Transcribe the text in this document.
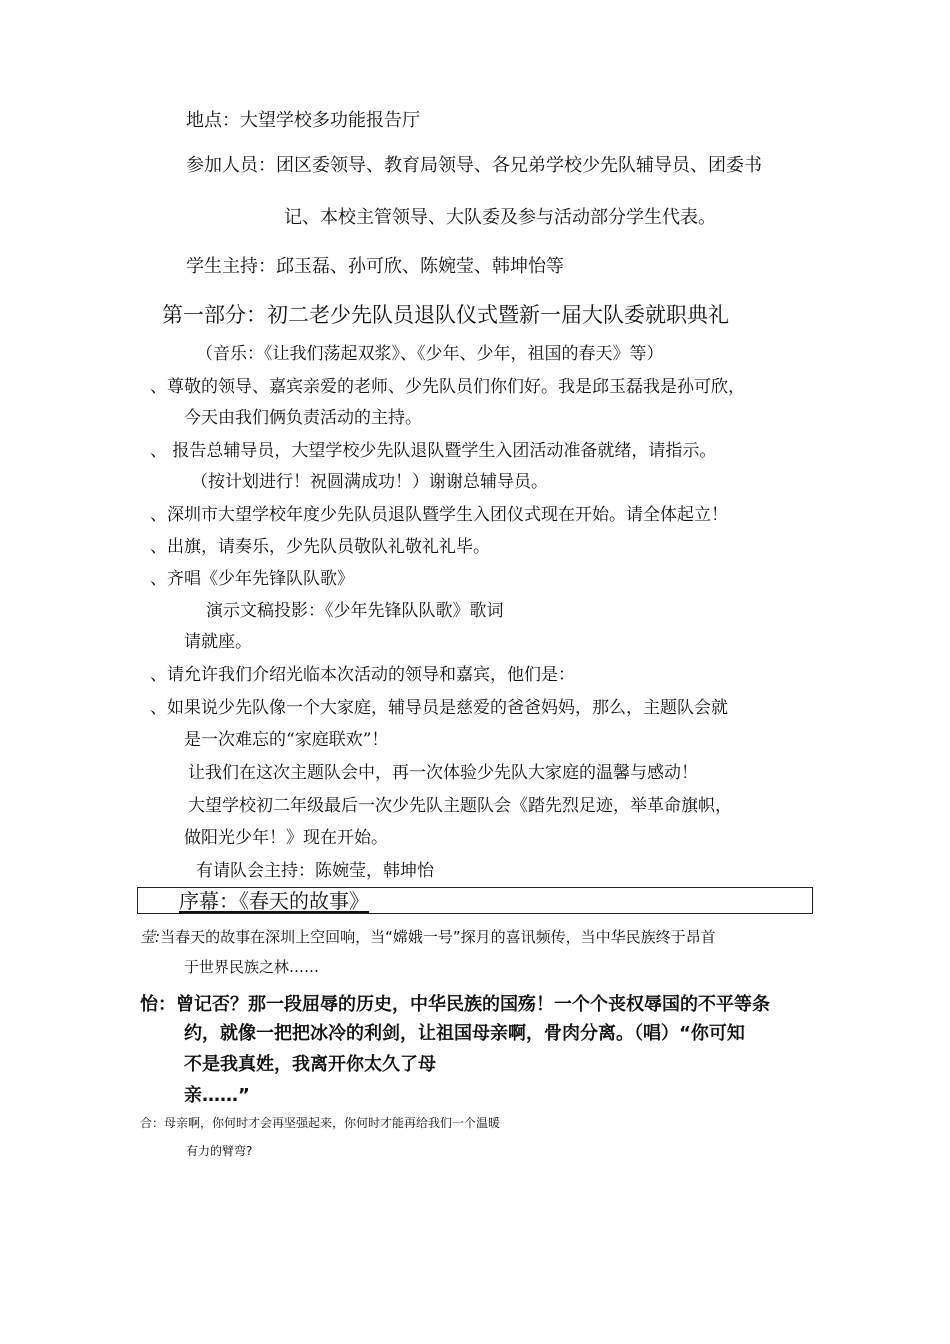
地点：大望学校多功能报告厅
参加人员：团区委领导、教育局领导、各兄弟学校少先队辅导员、团委书
记、本校主管领导、大队委及参与活动部分学生代表。
学生主持：邱玉磊、孙可欣、陈婉莹、韩坤怡等
第一部分：初二老少先队员退队仪式暨新一届大队委就职典礼
（音乐：《让我们荡起双浆》、《少年、少年，祖国的春天》等）
、尊敬的领导、嘉宾亲爱的老师、少先队员们你们好。我是邱玉磊我是孙可欣，
今天由我们俩负责活动的主持。
、 报告总辅导员，大望学校少先队退队暨学生入团活动准备就绪，请指示。
（按计划进行！祝圆满成功！）谢谢总辅导员。
、深圳市大望学校年度少先队员退队暨学生入团仪式现在开始。请全体起立！
、出旗，请奏乐，少先队员敬队礼敬礼礼毕。
、齐唱《少年先锋队队歌》
演示文稿投影：《少年先锋队队歌》歌词
请就座。
、请允许我们介绍光临本次活动的领导和嘉宾，他们是：
、如果说少先队像一个大家庭，辅导员是慈爱的爸爸妈妈，那么，主题队会就
是一次难忘的“家庭联欢”！
让我们在这次主题队会中，再一次体验少先队大家庭的温馨与感动！
大望学校初二年级最后一次少先队主题队会《踏先烈足迹，举革命旗帜，
做阳光少年！》现在开始。
有请队会主持：陈婉莹，韩坤怡
序幕：《春天的故事》
莹:当春天的故事在深圳上空回响，当“嫦娥一号”探月的喜讯频传，当中华民族终于昂首
于世界民族之林……
怡：曾记否？那一段屈辱的历史，中华民族的国殇！一个个丧权辱国的不平等条
约，就像一把把冰冷的利剑，让祖国母亲啊，骨肉分离。（唱）“你可知
不是我真姓，我离开你太久了母
亲……”
合：母亲啊，你何时才会再坚强起来，你何时才能再给我们一个温暖
有力的臂弯?
